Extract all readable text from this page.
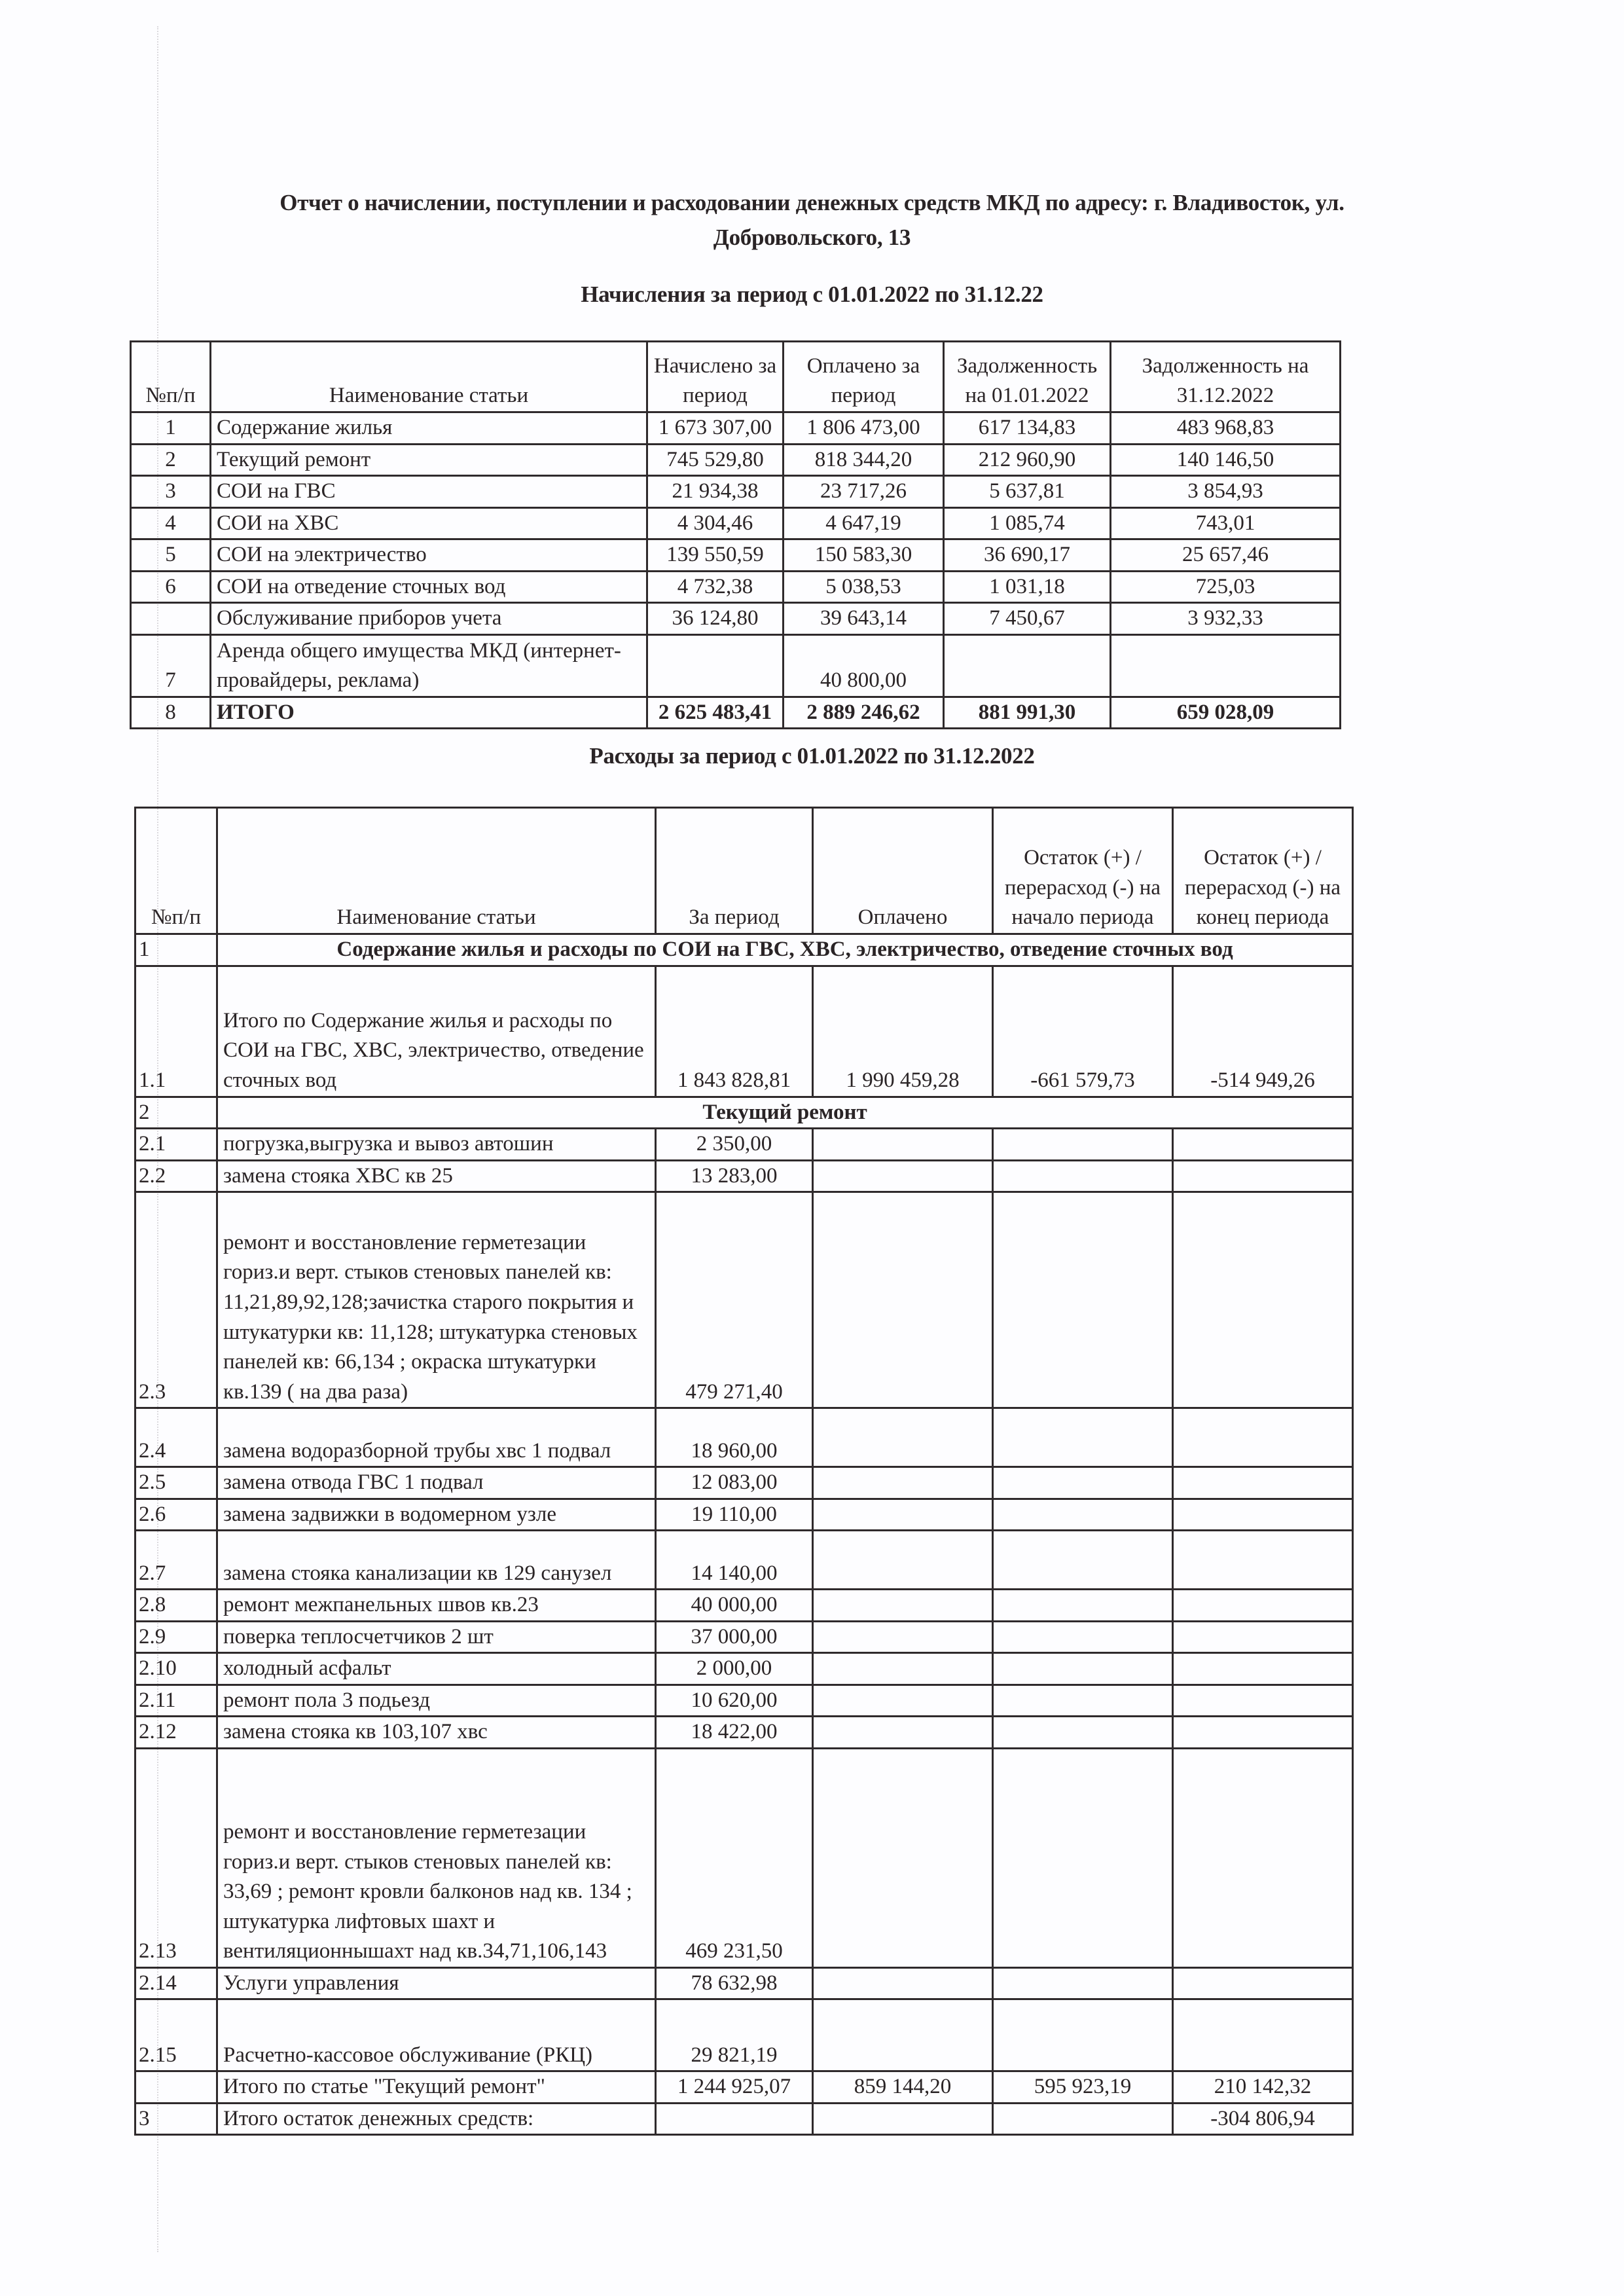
Отчет о начислении, поступлении и расходовании денежных средств МКД по адресу: г. Владивосток, ул.
Добровольского, 13
Начисления за период с 01.01.2022 по 31.12.22
№п/п	Наименование статьи	Начислено за период	Оплачено за период	Задолженность на 01.01.2022	Задолженность на 31.12.2022
1	Содержание жилья	1 673 307,00	1 806 473,00	617 134,83	483 968,83
2	Текущий ремонт	745 529,80	818 344,20	212 960,90	140 146,50
3	СОИ на ГВС	21 934,38	23 717,26	5 637,81	3 854,93
4	СОИ на ХВС	4 304,46	4 647,19	1 085,74	743,01
5	СОИ на электричество	139 550,59	150 583,30	36 690,17	25 657,46
6	СОИ на отведение сточных вод	4 732,38	5 038,53	1 031,18	725,03
	Обслуживание приборов учета	36 124,80	39 643,14	7 450,67	3 932,33
7	Аренда общего имущества МКД (интернет-провайдеры, реклама)		40 800,00		
8	ИТОГО	2 625 483,41	2 889 246,62	881 991,30	659 028,09
Расходы за период с 01.01.2022 по 31.12.2022
№п/п	Наименование статьи	За период	Оплачено	Остаток (+) / перерасход (-) на начало периода	Остаток (+) / перерасход (-) на конец периода
1	Содержание жилья и расходы по СОИ на ГВС, ХВС, электричество, отведение сточных вод				
1.1	Итого по Содержание жилья и расходы по СОИ на ГВС, ХВС, электричество, отведение сточных вод	1 843 828,81	1 990 459,28	-661 579,73	-514 949,26
2	Текущий ремонт				
2.1	погрузка,выгрузка и вывоз автошин	2 350,00			
2.2	замена стояка ХВС кв 25	13 283,00			
2.3	ремонт и восстановление герметезации гориз.и верт. стыков стеновых панелей кв: 11,21,89,92,128;зачистка старого покрытия и штукатурки кв: 11,128; штукатурка стеновых панелей кв: 66,134 ; окраска штукатурки кв.139 ( на два раза)	479 271,40			
2.4	замена водоразборной трубы хвс 1 подвал	18 960,00			
2.5	замена отвода ГВС 1 подвал	12 083,00			
2.6	замена задвижки в водомерном узле	19 110,00			
2.7	замена стояка канализации кв 129 санузел	14 140,00			
2.8	ремонт межпанельных швов кв.23	40 000,00			
2.9	поверка теплосчетчиков 2 шт	37 000,00			
2.10	холодный асфальт	2 000,00			
2.11	ремонт пола 3 подьезд	10 620,00			
2.12	замена стояка кв 103,107 хвс	18 422,00			
2.13	ремонт и восстановление герметезации гориз.и верт. стыков стеновых панелей кв: 33,69 ; ремонт кровли балконов над кв. 134 ; штукатурка лифтовых шахт и вентиляционнышахт над кв.34,71,106,143	469 231,50			
2.14	Услуги управления	78 632,98			
2.15	Расчетно-кассовое обслуживание (РКЦ)	29 821,19			
	Итого по статье "Текущий ремонт"	1 244 925,07	859 144,20	595 923,19	210 142,32
3	Итого остаток денежных средств:				-304 806,94
